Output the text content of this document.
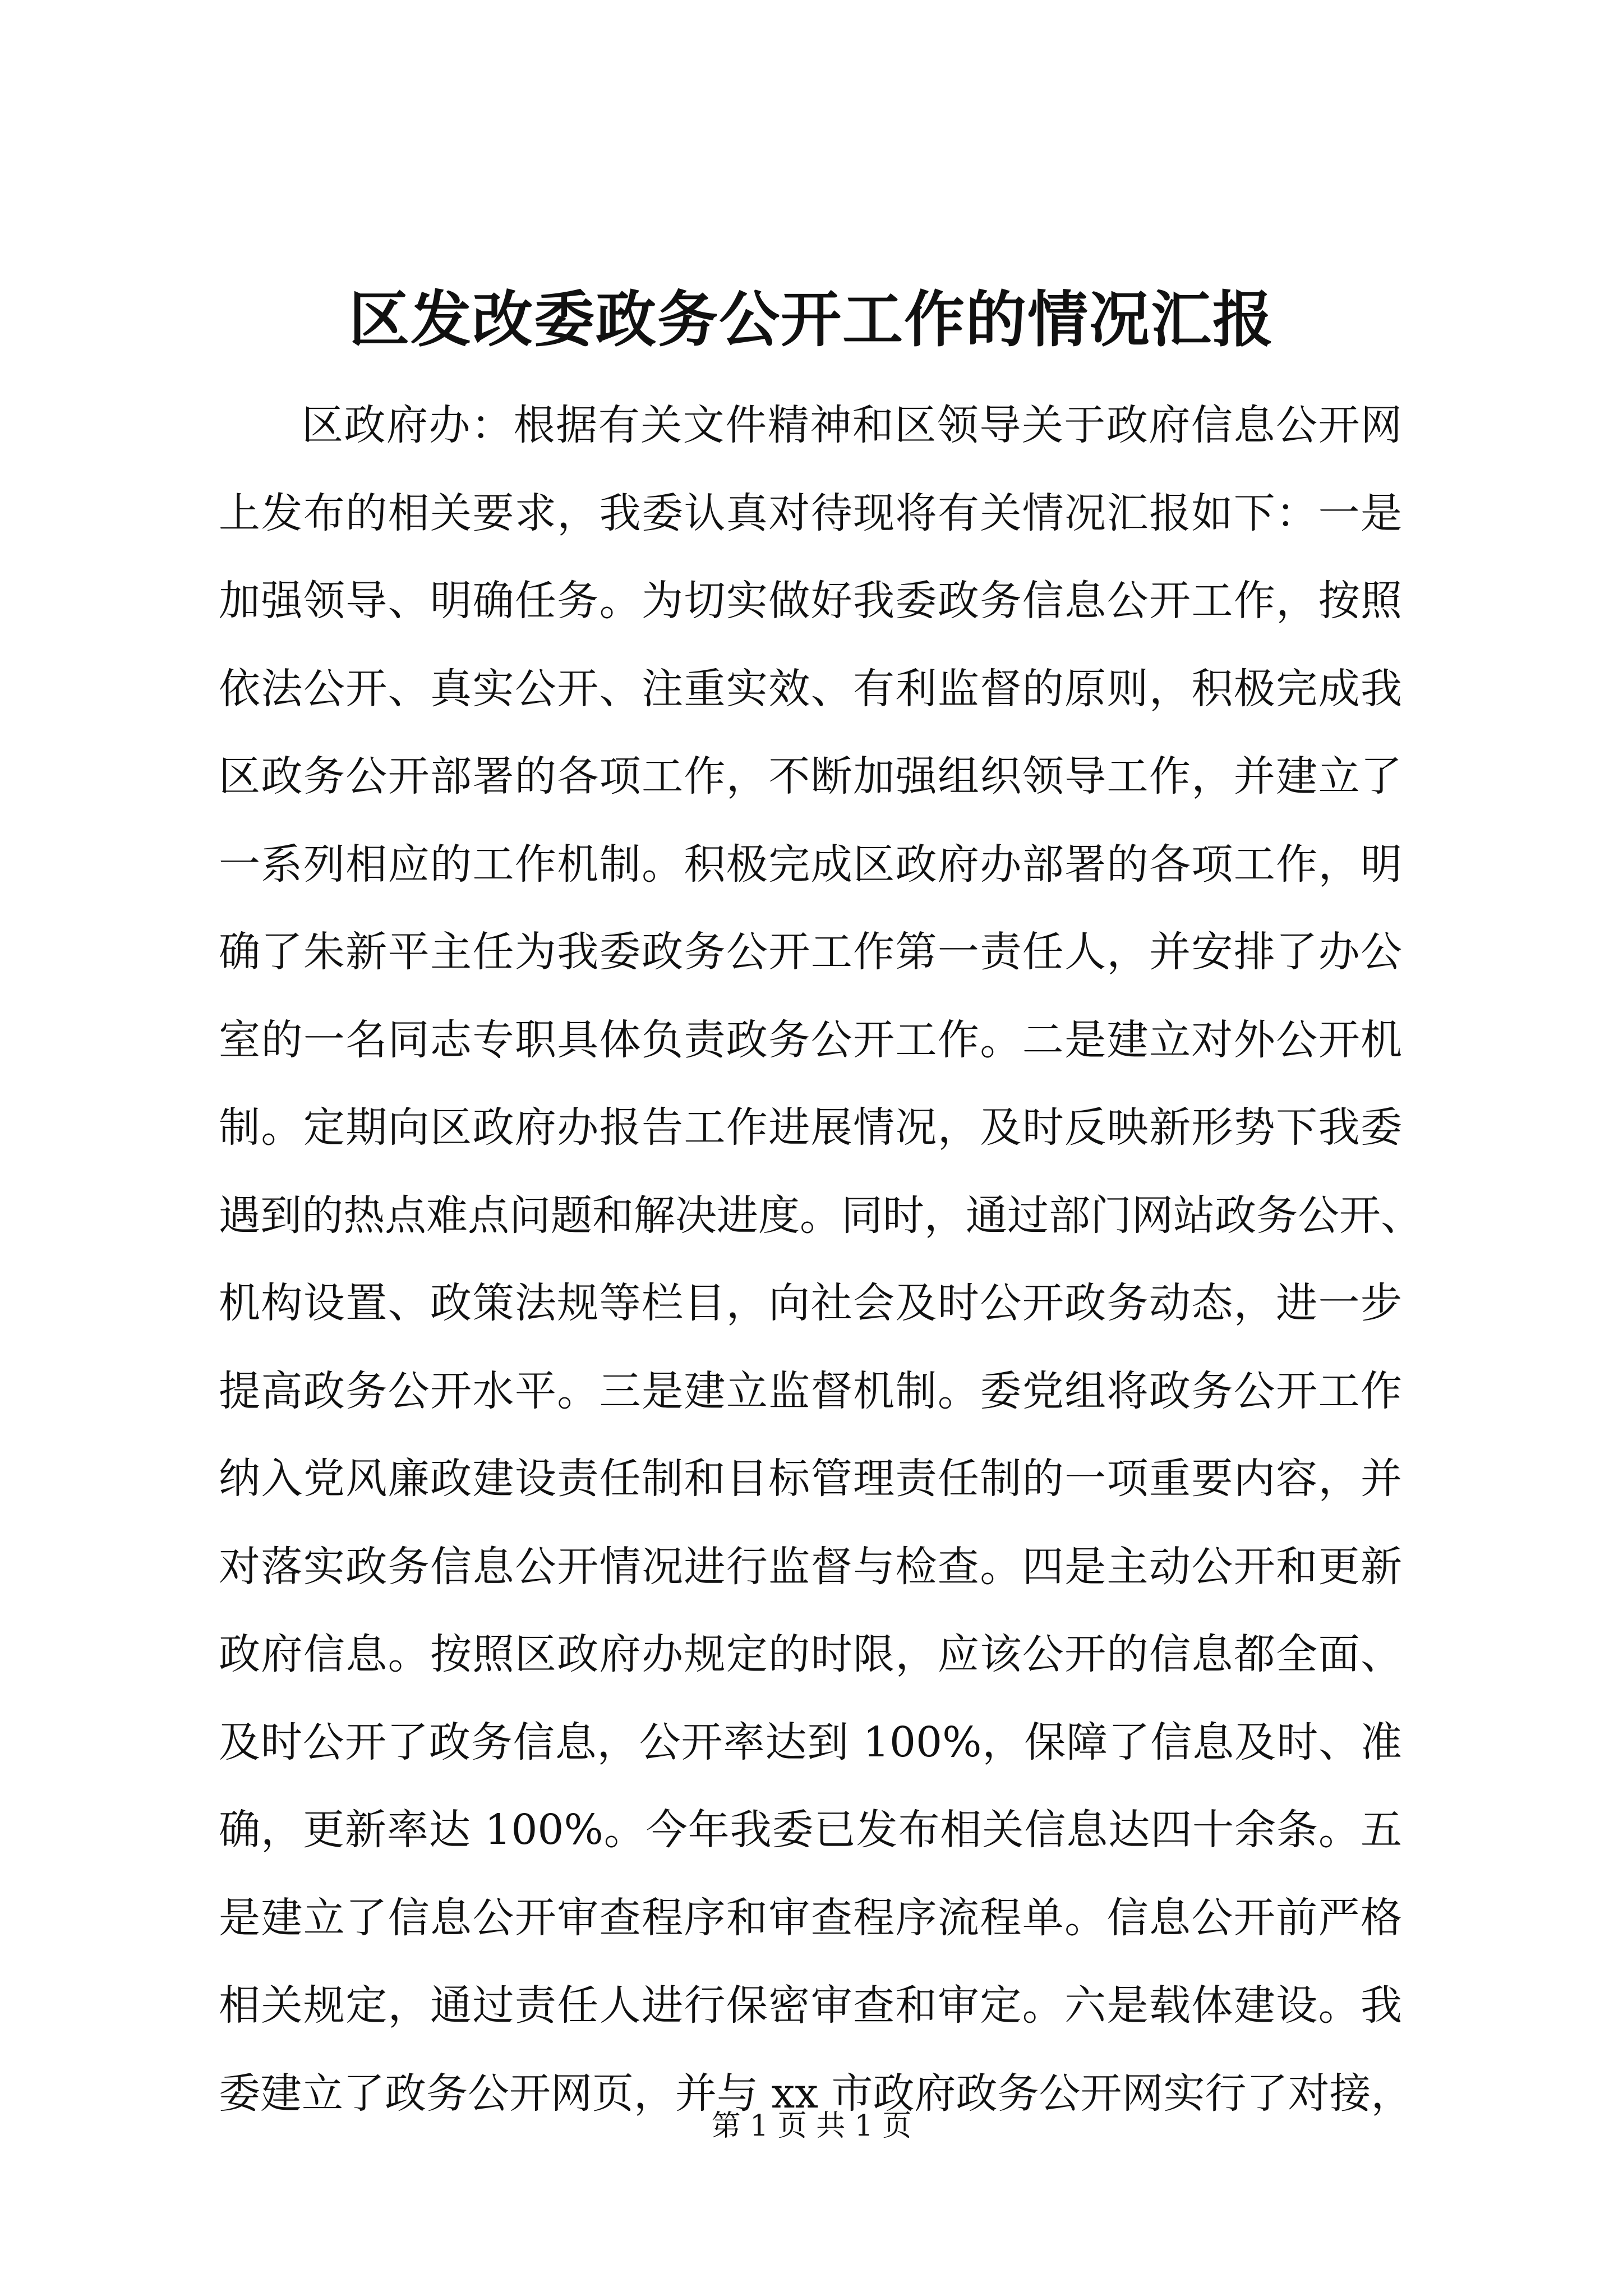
区发改委政务公开工作的情况汇报
区政府办：根据有关文件精神和区领导关于政府信息公开网
上发布的相关要求，我委认真对待现将有关情况汇报如下：一是
加强领导、明确任务。为切实做好我委政务信息公开工作，按照
依法公开、真实公开、注重实效、有利监督的原则，积极完成我
区政务公开部署的各项工作，不断加强组织领导工作，并建立了
一系列相应的工作机制。积极完成区政府办部署的各项工作，明
确了朱新平主任为我委政务公开工作第一责任人，并安排了办公
室的一名同志专职具体负责政务公开工作。二是建立对外公开机
制。定期向区政府办报告工作进展情况，及时反映新形势下我委
遇到的热点难点问题和解决进度。同时，通过部门网站政务公开、
机构设置、政策法规等栏目，向社会及时公开政务动态，进一步
提高政务公开水平。三是建立监督机制。委党组将政务公开工作
纳入党风廉政建设责任制和目标管理责任制的一项重要内容，并
对落实政务信息公开情况进行监督与检查。四是主动公开和更新
政府信息。按照区政府办规定的时限，应该公开的信息都全面、
及时公开了政务信息，公开率达到 100%，保障了信息及时、准
确，更新率达 100%。今年我委已发布相关信息达四十余条。五
是建立了信息公开审查程序和审查程序流程单。信息公开前严格
相关规定，通过责任人进行保密审查和审定。六是载体建设。我
委建立了政务公开网页，并与 xx 市政府政务公开网实行了对接，
第 1 页 共 1 页
